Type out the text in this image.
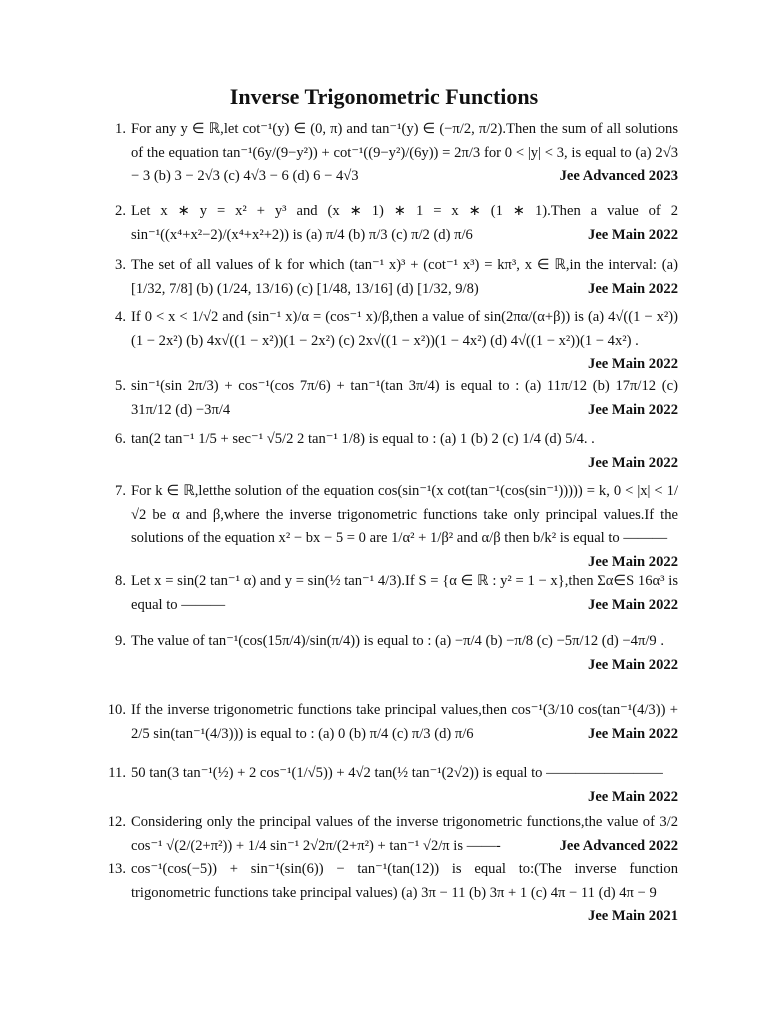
Inverse Trigonometric Functions
1. For any y ∈ ℝ,let cot⁻¹(y) ∈ (0, π) and tan⁻¹(y) ∈ (−π/2, π/2).Then the sum of all solutions of the equation tan⁻¹(6y/(9−y²)) + cot⁻¹((9−y²)/(6y)) = 2π/3 for 0 < |y| < 3, is equal to (a) 2√3 − 3 (b) 3 − 2√3 (c) 4√3 − 6 (d) 6 − 4√3	Jee Advanced 2023
2. Let x ∗ y = x² + y³ and (x ∗ 1) ∗ 1 = x ∗ (1 ∗ 1).Then a value of 2 sin⁻¹((x⁴+x²−2)/(x⁴+x²+2)) is (a) π/4 (b) π/3 (c) π/2 (d) π/6	Jee Main 2022
3. The set of all values of k for which (tan⁻¹ x)³ + (cot⁻¹ x³) = kπ³, x ∈ ℝ,in the interval: (a) [1/32, 7/8] (b) (1/24, 13/16) (c) [1/48, 13/16] (d) [1/32, 9/8)	Jee Main 2022
4. If 0 < x < 1/√2 and (sin⁻¹ x)/α = (cos⁻¹ x)/β,then a value of sin(2πα/(α+β)) is (a) 4√((1 − x²))(1 − 2x²) (b) 4x√((1 − x²))(1 − 2x²) (c) 2x√((1 − x²))(1 − 4x²) (d) 4√((1 − x²))(1 − 4x²) .
Jee Main 2022
5. sin⁻¹(sin 2π/3) + cos⁻¹(cos 7π/6) + tan⁻¹(tan 3π/4) is equal to : (a) 11π/12 (b) 17π/12 (c) 31π/12 (d) −3π/4	Jee Main 2022
6. tan(2 tan⁻¹ 1/5 + sec⁻¹ √5/2 2 tan⁻¹ 1/8) is equal to : (a) 1 (b) 2 (c) 1/4 (d) 5/4. .
Jee Main 2022
7. For k ∈ ℝ,letthe solution of the equation cos(sin⁻¹(x cot(tan⁻¹(cos(sin⁻¹))))) = k, 0 < |x| < 1/√2 be α and β,where the inverse trigonometric functions take only principal values.If the solutions of the equation x² − bx − 5 = 0 are 1/α² + 1/β² and α/β then b/k² is equal to ———
Jee Main 2022
8. Let x = sin(2 tan⁻¹ α) and y = sin(½ tan⁻¹ 4/3).If S = {α ∈ ℝ : y² = 1 − x},then Σα∈S 16α³ is equal to ———	Jee Main 2022
9. The value of tan⁻¹(cos(15π/4)/sin(π/4)) is equal to : (a) −π/4 (b) −π/8 (c) −5π/12 (d) −4π/9 .
Jee Main 2022
10. If the inverse trigonometric functions take principal values,then cos⁻¹(3/10 cos(tan⁻¹(4/3)) + 2/5 sin(tan⁻¹(4/3))) is equal to : (a) 0 (b) π/4 (c) π/3 (d) π/6	Jee Main 2022
11. 50 tan(3 tan⁻¹(½) + 2 cos⁻¹(1/√5)) + 4√2 tan(½ tan⁻¹(2√2)) is equal to ————————
Jee Main 2022
12. Considering only the principal values of the inverse trigonometric functions,the value of 3/2 cos⁻¹ √(2/(2+π²)) + 1/4 sin⁻¹ 2√2π/(2+π²) + tan⁻¹ √2/π is ——-	Jee Advanced 2022
13. cos⁻¹(cos(−5)) + sin⁻¹(sin(6)) − tan⁻¹(tan(12)) is equal to:(The inverse function trigonometric functions take principal values) (a) 3π − 11 (b) 3π + 1 (c) 4π − 11 (d) 4π − 9
Jee Main 2021
